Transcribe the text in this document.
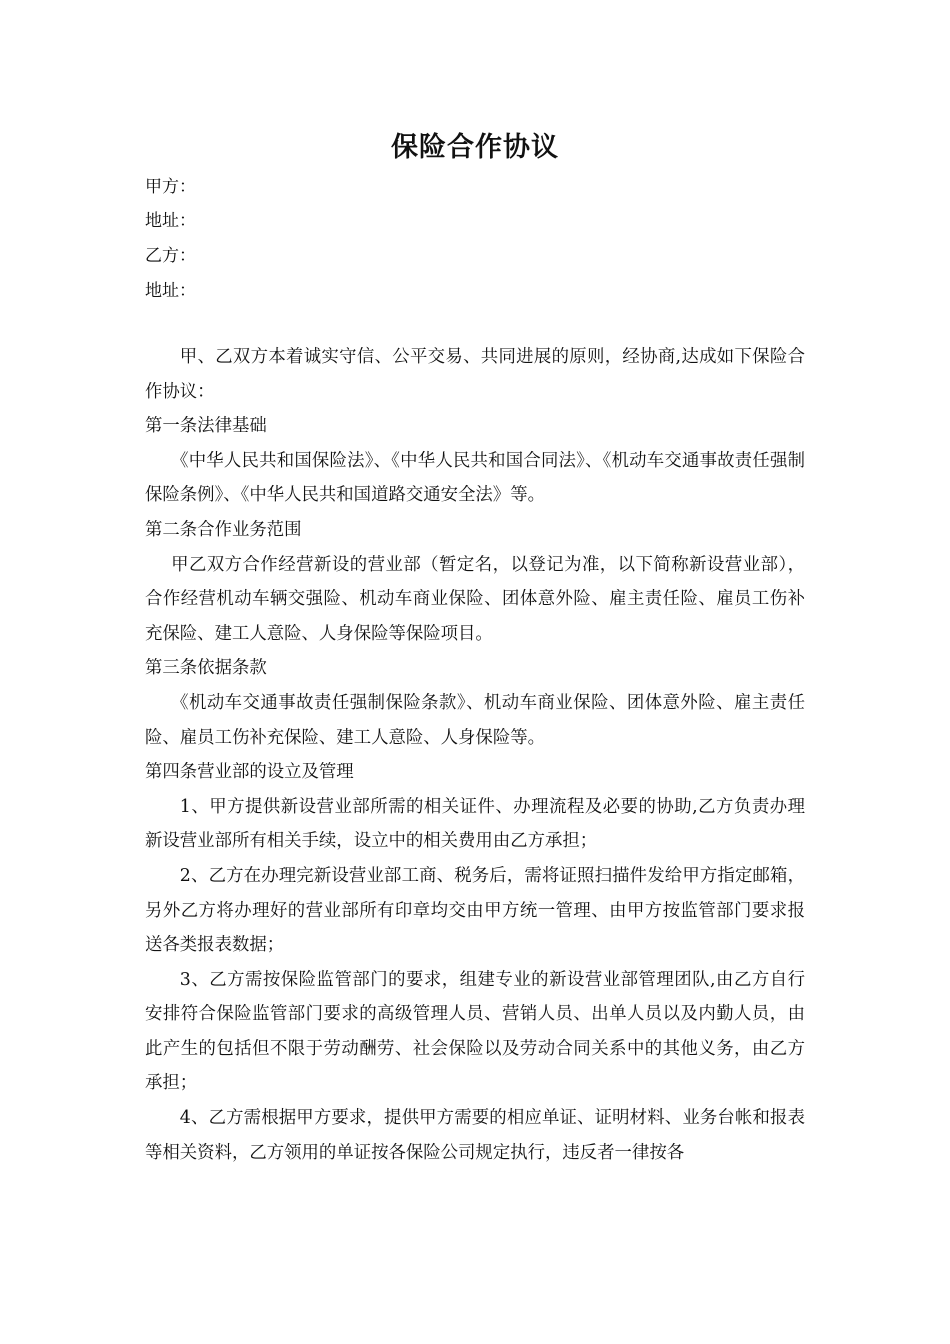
保险合作协议
甲方：
地址：
乙方：
地址：

甲、乙双方本着诚实守信、公平交易、共同进展的原则，经协商,达成如下保险合作协议：

第一条法律基础

《中华人民共和国保险法》、《中华人民共和国合同法》、《机动车交通事故责任强制保险条例》、《中华人民共和国道路交通安全法》等。

第二条合作业务范围

甲乙双方合作经营新设的营业部（暂定名，以登记为准，以下简称新设营业部），合作经营机动车辆交强险、机动车商业保险、团体意外险、雇主责任险、雇员工伤补充保险、建工人意险、人身保险等保险项目。

第三条依据条款

《机动车交通事故责任强制保险条款》、机动车商业保险、团体意外险、雇主责任险、雇员工伤补充保险、建工人意险、人身保险等。

第四条营业部的设立及管理

1、甲方提供新设营业部所需的相关证件、办理流程及必要的协助,乙方负责办理新设营业部所有相关手续，设立中的相关费用由乙方承担；

2、乙方在办理完新设营业部工商、税务后，需将证照扫描件发给甲方指定邮箱，另外乙方将办理好的营业部所有印章均交由甲方统一管理、由甲方按监管部门要求报送各类报表数据；

3、乙方需按保险监管部门的要求，组建专业的新设营业部管理团队,由乙方自行安排符合保险监管部门要求的高级管理人员、营销人员、出单人员以及内勤人员，由此产生的包括但不限于劳动酬劳、社会保险以及劳动合同关系中的其他义务，由乙方承担；

4、乙方需根据甲方要求，提供甲方需要的相应单证、证明材料、业务台帐和报表等相关资料，乙方领用的单证按各保险公司规定执行，违反者一律按各
